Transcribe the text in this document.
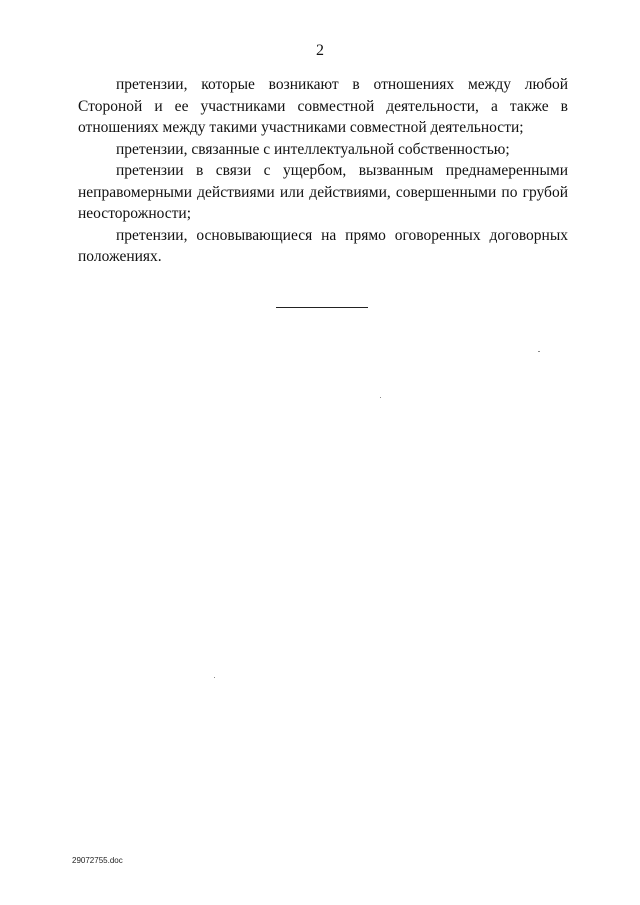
2

претензии, которые возникают в отношениях между любой Стороной и ее участниками совместной деятельности, а также в отношениях между такими участниками совместной деятельности;

претензии, связанные с интеллектуальной собственностью;

претензии в связи с ущербом, вызванным преднамеренными неправомерными действиями или действиями, совершенными по грубой неосторожности;

претензии, основывающиеся на прямо оговоренных договорных положениях.

29072755.doc
